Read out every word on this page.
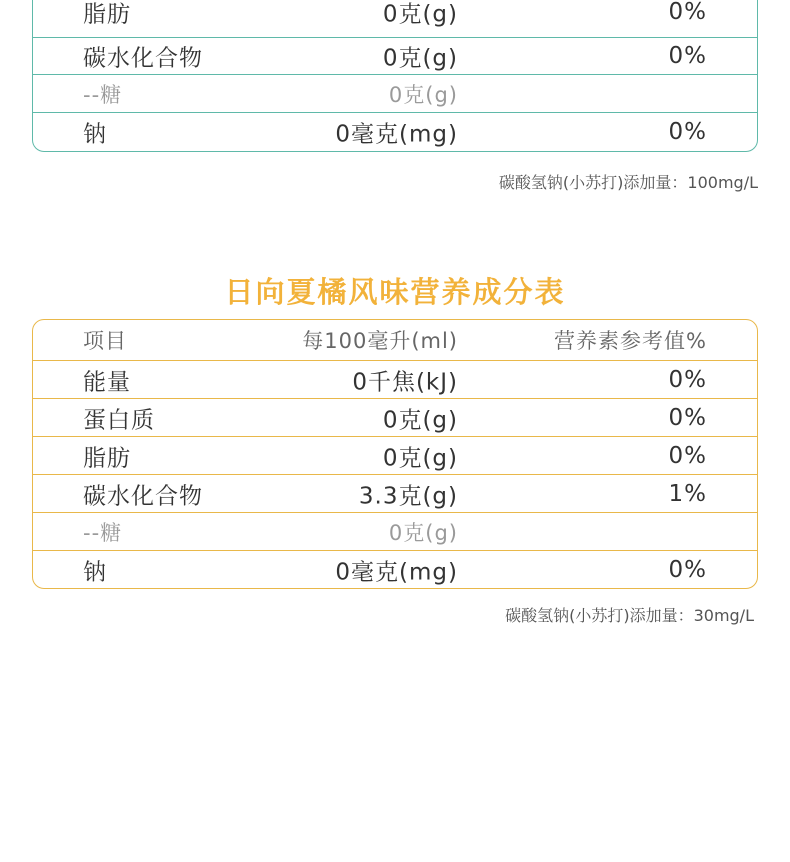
脂肪	0克(g)	0%
碳水化合物	0克(g)	0%
--糖	0克(g)
钠	0毫克(mg)	0%
碳酸氢钠(小苏打)添加量：100mg/L
日向夏橘风味营养成分表
项目	每100毫升(ml)	营养素参考值%
能量	0千焦(kJ)	0%
蛋白质	0克(g)	0%
脂肪	0克(g)	0%
碳水化合物	3.3克(g)	1%
--糖	0克(g)
钠	0毫克(mg)	0%
碳酸氢钠(小苏打)添加量：30mg/L
